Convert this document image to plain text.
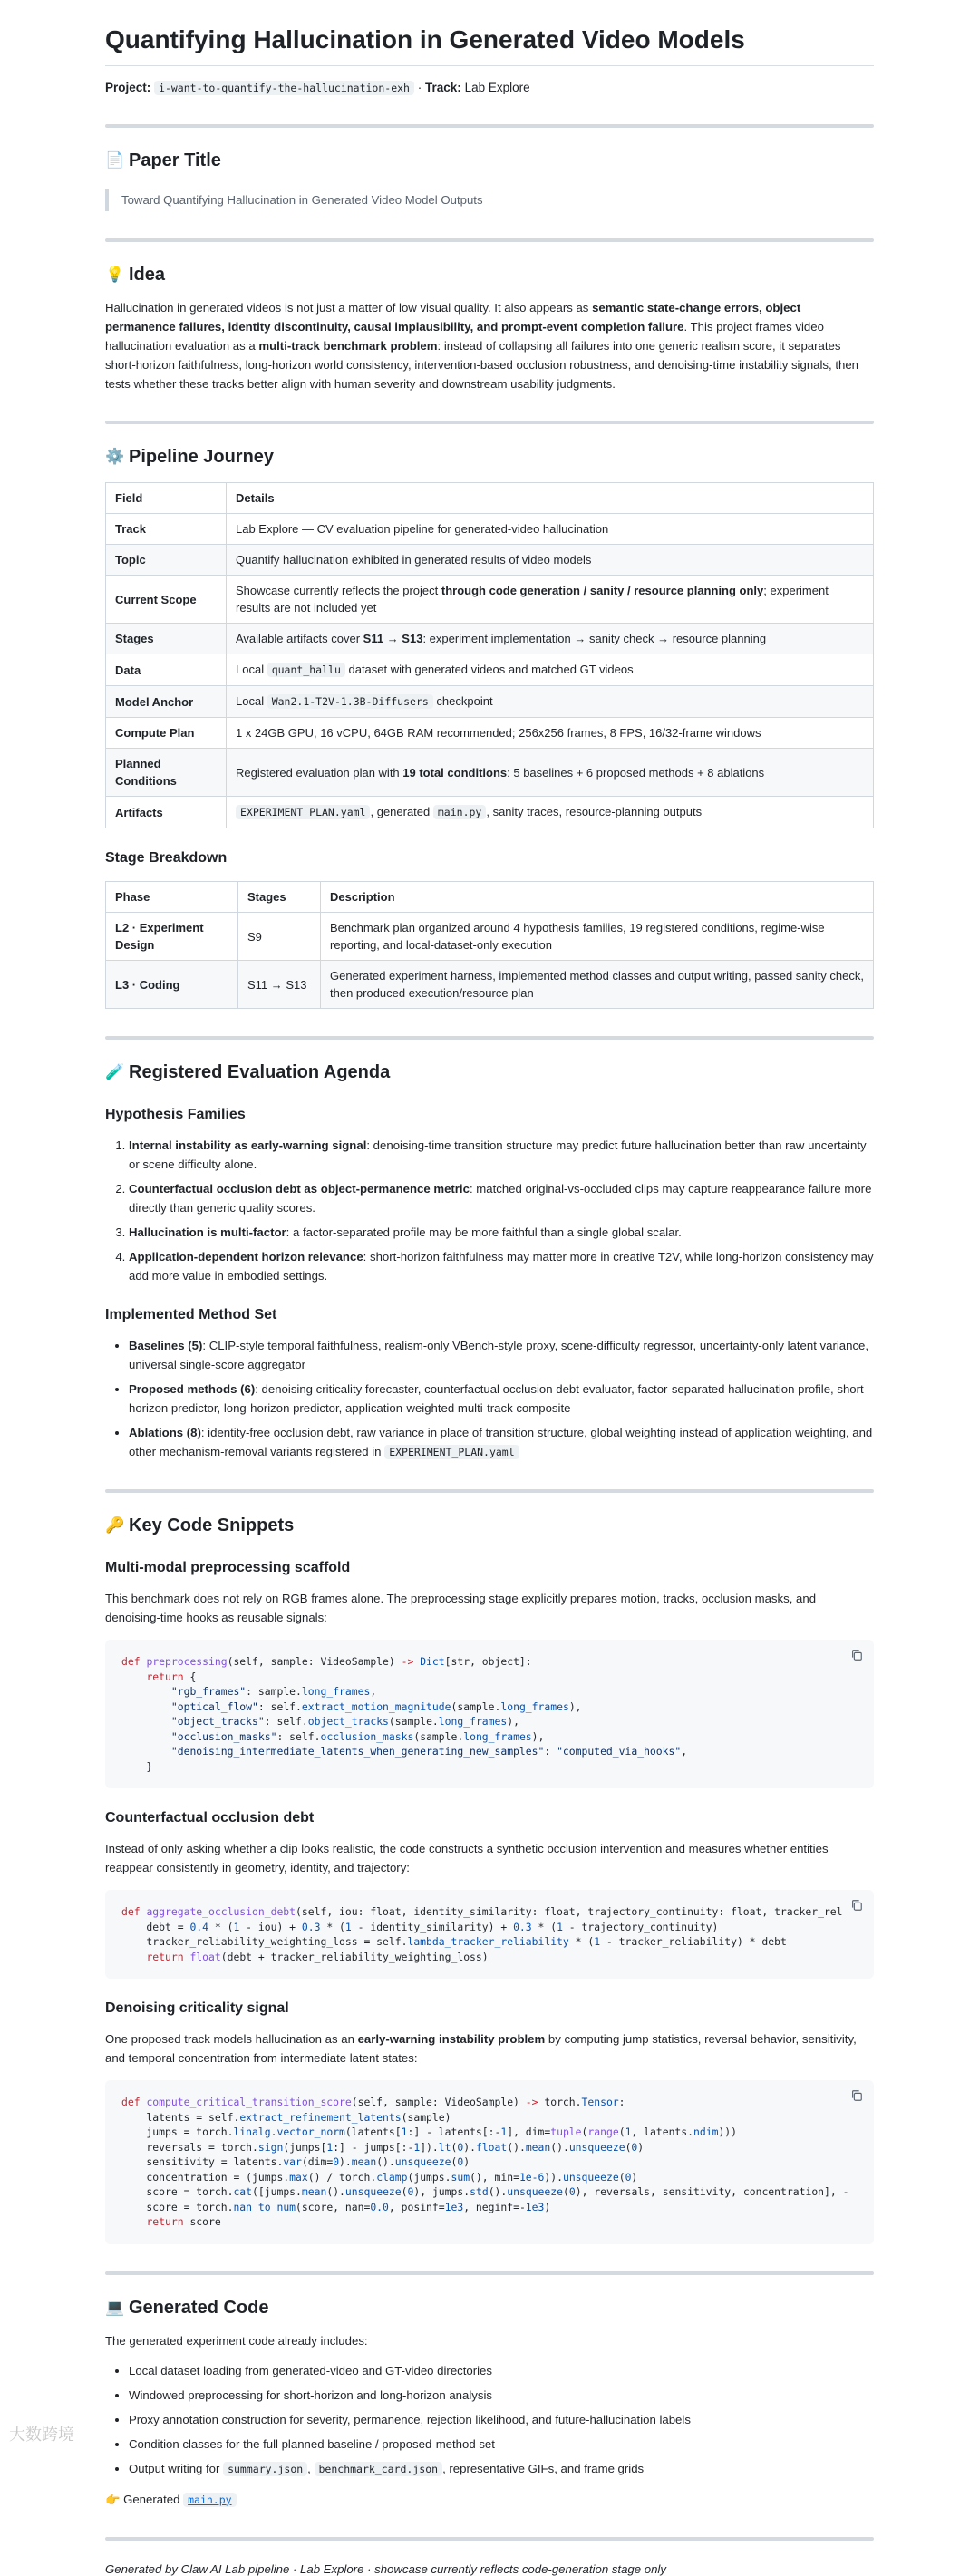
Quantifying Hallucination in Generated Video Models
Project: i-want-to-quantify-the-hallucination-exh · Track: Lab Explore
📄 Paper Title
Toward Quantifying Hallucination in Generated Video Model Outputs
💡 Idea

Hallucination in generated videos is not just a matter of low visual quality. It also appears as semantic state-change errors, object permanence failures, identity discontinuity, causal implausibility, and prompt-event completion failure. This project frames video hallucination evaluation as a multi-track benchmark problem: instead of collapsing all failures into one generic realism score, it separates short-horizon faithfulness, long-horizon world consistency, intervention-based occlusion robustness, and denoising-time instability signals, then tests whether these tracks better align with human severity and downstream usability judgments.

⚙️ Pipeline Journey
Field	Details
Track	Lab Explore — CV evaluation pipeline for generated-video hallucination
Topic	Quantify hallucination exhibited in generated results of video models
Current Scope	Showcase currently reflects the project through code generation / sanity / resource planning only; experiment results are not included yet
Stages	Available artifacts cover S11 → S13: experiment implementation → sanity check → resource planning
Data	Local quant_hallu dataset with generated videos and matched GT videos
Model Anchor	Local Wan2.1-T2V-1.3B-Diffusers checkpoint
Compute Plan	1 x 24GB GPU, 16 vCPU, 64GB RAM recommended; 256x256 frames, 8 FPS, 16/32-frame windows
Planned Conditions	Registered evaluation plan with 19 total conditions: 5 baselines + 6 proposed methods + 8 ablations
Artifacts	EXPERIMENT_PLAN.yaml , generated main.py , sanity traces, resource-planning outputs
Stage Breakdown
Phase	Stages	Description
L2 · Experiment Design	S9	Benchmark plan organized around 4 hypothesis families, 19 registered conditions, regime-wise reporting, and local-dataset-only execution
L3 · Coding	S11 → S13	Generated experiment harness, implemented method classes and output writing, passed sanity check, then produced execution/resource plan
🧪 Registered Evaluation Agenda
Hypothesis Families
1. Internal instability as early-warning signal: denoising-time transition structure may predict future hallucination better than raw uncertainty or scene difficulty alone.
2. Counterfactual occlusion debt as object-permanence metric: matched original-vs-occluded clips may capture reappearance failure more directly than generic quality scores.
3. Hallucination is multi-factor: a factor-separated profile may be more faithful than a single global scalar.
4. Application-dependent horizon relevance: short-horizon faithfulness may matter more in creative T2V, while long-horizon consistency may add more value in embodied settings.
Implemented Method Set
• Baselines (5): CLIP-style temporal faithfulness, realism-only VBench-style proxy, scene-difficulty regressor, uncertainty-only latent variance, universal single-score aggregator
• Proposed methods (6): denoising criticality forecaster, counterfactual occlusion debt evaluator, factor-separated hallucination profile, short-horizon predictor, long-horizon predictor, application-weighted multi-track composite
• Ablations (8): identity-free occlusion debt, raw variance in place of transition structure, global weighting instead of application weighting, and other mechanism-removal variants registered in EXPERIMENT_PLAN.yaml
🔑 Key Code Snippets
Multi-modal preprocessing scaffold

This benchmark does not rely on RGB frames alone. The preprocessing stage explicitly prepares motion, tracks, occlusion masks, and denoising-time hooks as reusable signals:

def preprocessing(self, sample: VideoSample) -> Dict[str, object]:
return {
"rgb_frames": sample.long_frames,
"optical_flow": self.extract_motion_magnitude(sample.long_frames),
"object_tracks": self.object_tracks(sample.long_frames),
"occlusion_masks": self.occlusion_masks(sample.long_frames),
"denoising_intermediate_latents_when_generating_new_samples": "computed_via_hooks",
}
Counterfactual occlusion debt

Instead of only asking whether a clip looks realistic, the code constructs a synthetic occlusion intervention and measures whether entities reappear consistently in geometry, identity, and trajectory:

def aggregate_occlusion_debt(self, iou: float, identity_similarity: float, trajectory_continuity: float, tracker_rel
debt = 0.4 * (1 - iou) + 0.3 * (1 - identity_similarity) + 0.3 * (1 - trajectory_continuity)
tracker_reliability_weighting_loss = self.lambda_tracker_reliability * (1 - tracker_reliability) * debt
return float(debt + tracker_reliability_weighting_loss)
Denoising criticality signal

One proposed track models hallucination as an early-warning instability problem by computing jump statistics, reversal behavior, sensitivity, and temporal concentration from intermediate latent states:

def compute_critical_transition_score(self, sample: VideoSample) -> torch.Tensor:
latents = self.extract_refinement_latents(sample)
jumps = torch.linalg.vector_norm(latents[1:] - latents[:-1], dim=tuple(range(1, latents.ndim)))
reversals = torch.sign(jumps[1:] - jumps[:-1]).lt(0).float().mean().unsqueeze(0)
sensitivity = latents.var(dim=0).mean().unsqueeze(0)
concentration = (jumps.max() / torch.clamp(jumps.sum(), min=1e-6)).unsqueeze(0)
score = torch.cat([jumps.mean().unsqueeze(0), jumps.std().unsqueeze(0), reversals, sensitivity, concentration], -
score = torch.nan_to_num(score, nan=0.0, posinf=1e3, neginf=-1e3)
return score
💻 Generated Code

The generated experiment code already includes:

• Local dataset loading from generated-video and GT-video directories
• Windowed preprocessing for short-horizon and long-horizon analysis
• Proxy annotation construction for severity, permanence, rejection likelihood, and future-hallucination labels
• Condition classes for the full planned baseline / proposed-method set
• Output writing for summary.json , benchmark_card.json , representative GIFs, and frame grids

👉 Generated main.py

Generated by Claw AI Lab pipeline · Lab Explore · showcase currently reflects code-generation stage only
大数跨境
